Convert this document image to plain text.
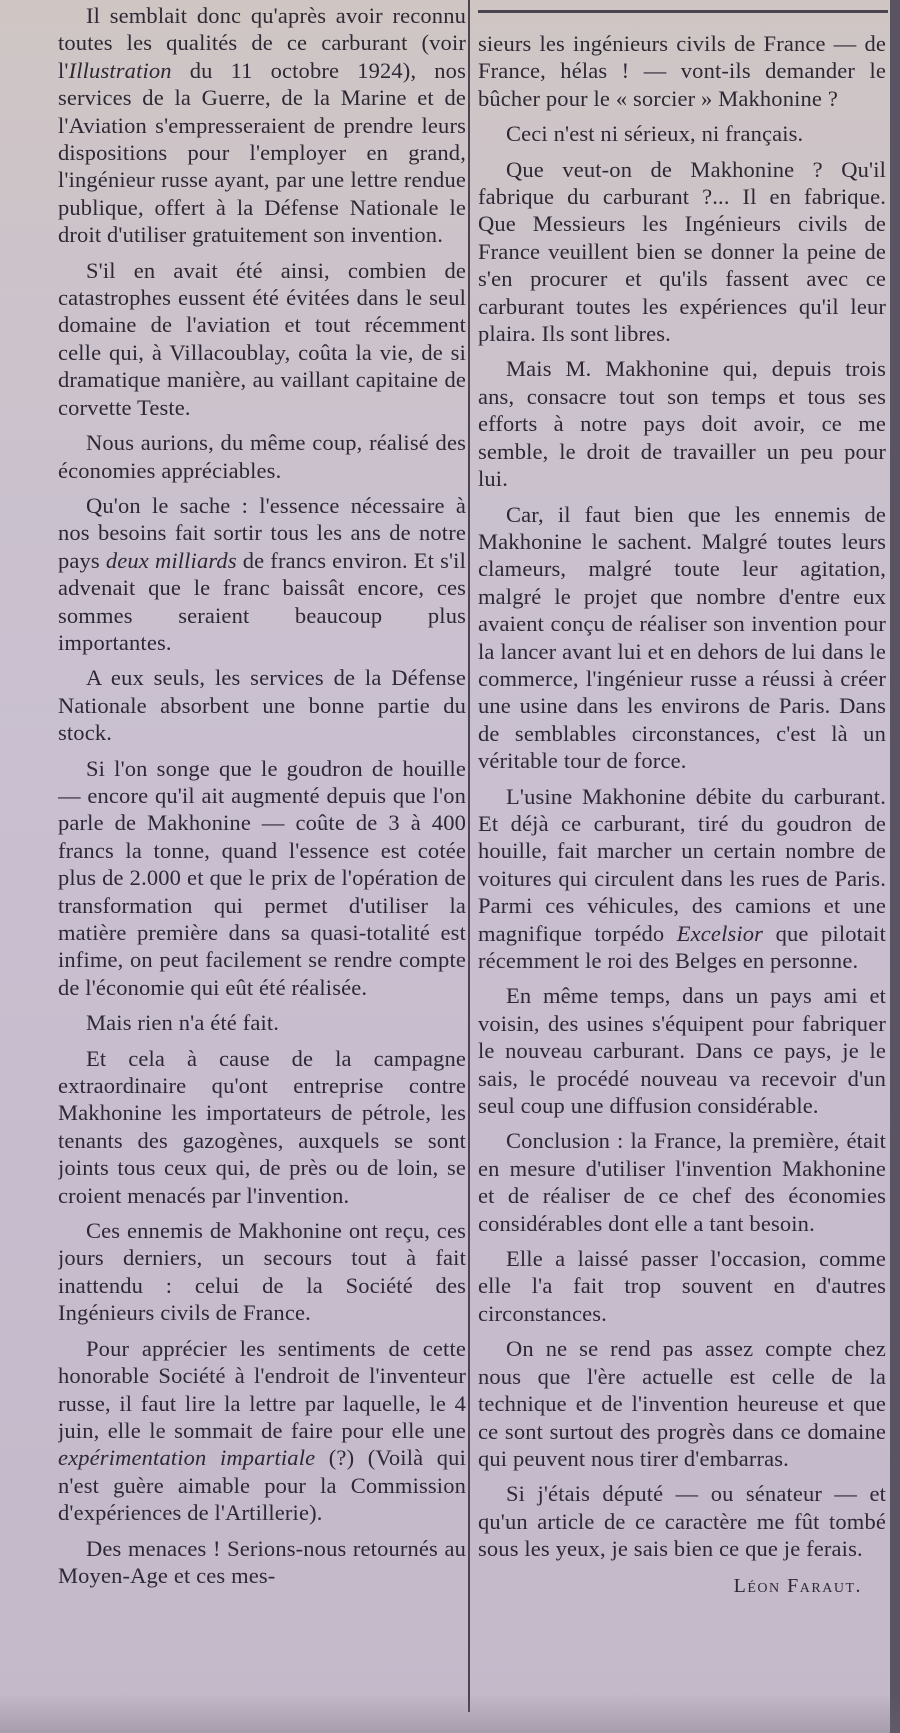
Il semblait donc qu'après avoir reconnu toutes les qualités de ce carburant (voir l'Illustration du 11 octobre 1924), nos services de la Guerre, de la Marine et de l'Aviation s'empresseraient de prendre leurs dispositions pour l'employer en grand, l'ingénieur russe ayant, par une lettre rendue publique, offert à la Défense Nationale le droit d'utiliser gratuitement son invention.

S'il en avait été ainsi, combien de catastrophes eussent été évitées dans le seul domaine de l'aviation et tout récemment celle qui, à Villacoublay, coûta la vie, de si dramatique manière, au vaillant capitaine de corvette Teste.

Nous aurions, du même coup, réalisé des économies appréciables.

Qu'on le sache : l'essence nécessaire à nos besoins fait sortir tous les ans de notre pays deux milliards de francs environ. Et s'il advenait que le franc baissât encore, ces sommes seraient beaucoup plus importantes.

A eux seuls, les services de la Défense Nationale absorbent une bonne partie du stock.

Si l'on songe que le goudron de houille — encore qu'il ait augmenté depuis que l'on parle de Makhonine — coûte de 3 à 400 francs la tonne, quand l'essence est cotée plus de 2.000 et que le prix de l'opération de transformation qui permet d'utiliser la matière première dans sa quasi-totalité est infime, on peut facilement se rendre compte de l'économie qui eût été réalisée.

Mais rien n'a été fait.

Et cela à cause de la campagne extraordinaire qu'ont entreprise contre Makhonine les importateurs de pétrole, les tenants des gazogènes, auxquels se sont joints tous ceux qui, de près ou de loin, se croient menacés par l'invention.

Ces ennemis de Makhonine ont reçu, ces jours derniers, un secours tout à fait inattendu : celui de la Société des Ingénieurs civils de France.

Pour apprécier les sentiments de cette honorable Société à l'endroit de l'inventeur russe, il faut lire la lettre par laquelle, le 4 juin, elle le sommait de faire pour elle une expérimentation impartiale (?) (Voilà qui n'est guère aimable pour la Commission d'expériences de l'Artillerie).

Des menaces ! Serions-nous retournés au Moyen-Age et ces mes-

sieurs les ingénieurs civils de France — de France, hélas ! — vont-ils demander le bûcher pour le « sorcier » Makhonine ?

Ceci n'est ni sérieux, ni français.

Que veut-on de Makhonine ? Qu'il fabrique du carburant ?... Il en fabrique. Que Messieurs les Ingénieurs civils de France veuillent bien se donner la peine de s'en procurer et qu'ils fassent avec ce carburant toutes les expériences qu'il leur plaira. Ils sont libres.

Mais M. Makhonine qui, depuis trois ans, consacre tout son temps et tous ses efforts à notre pays doit avoir, ce me semble, le droit de travailler un peu pour lui.

Car, il faut bien que les ennemis de Makhonine le sachent. Malgré toutes leurs clameurs, malgré toute leur agitation, malgré le projet que nombre d'entre eux avaient conçu de réaliser son invention pour la lancer avant lui et en dehors de lui dans le commerce, l'ingénieur russe a réussi à créer une usine dans les environs de Paris. Dans de semblables circonstances, c'est là un véritable tour de force.

L'usine Makhonine débite du carburant. Et déjà ce carburant, tiré du goudron de houille, fait marcher un certain nombre de voitures qui circulent dans les rues de Paris. Parmi ces véhicules, des camions et une magnifique torpédo Excelsior que pilotait récemment le roi des Belges en personne.

En même temps, dans un pays ami et voisin, des usines s'équipent pour fabriquer le nouveau carburant. Dans ce pays, je le sais, le procédé nouveau va recevoir d'un seul coup une diffusion considérable.

Conclusion : la France, la première, était en mesure d'utiliser l'invention Makhonine et de réaliser de ce chef des économies considérables dont elle a tant besoin.

Elle a laissé passer l'occasion, comme elle l'a fait trop souvent en d'autres circonstances.

On ne se rend pas assez compte chez nous que l'ère actuelle est celle de la technique et de l'invention heureuse et que ce sont surtout des progrès dans ce domaine qui peuvent nous tirer d'embarras.

Si j'étais député — ou sénateur — et qu'un article de ce caractère me fût tombé sous les yeux, je sais bien ce que je ferais.

Léon Faraut.
